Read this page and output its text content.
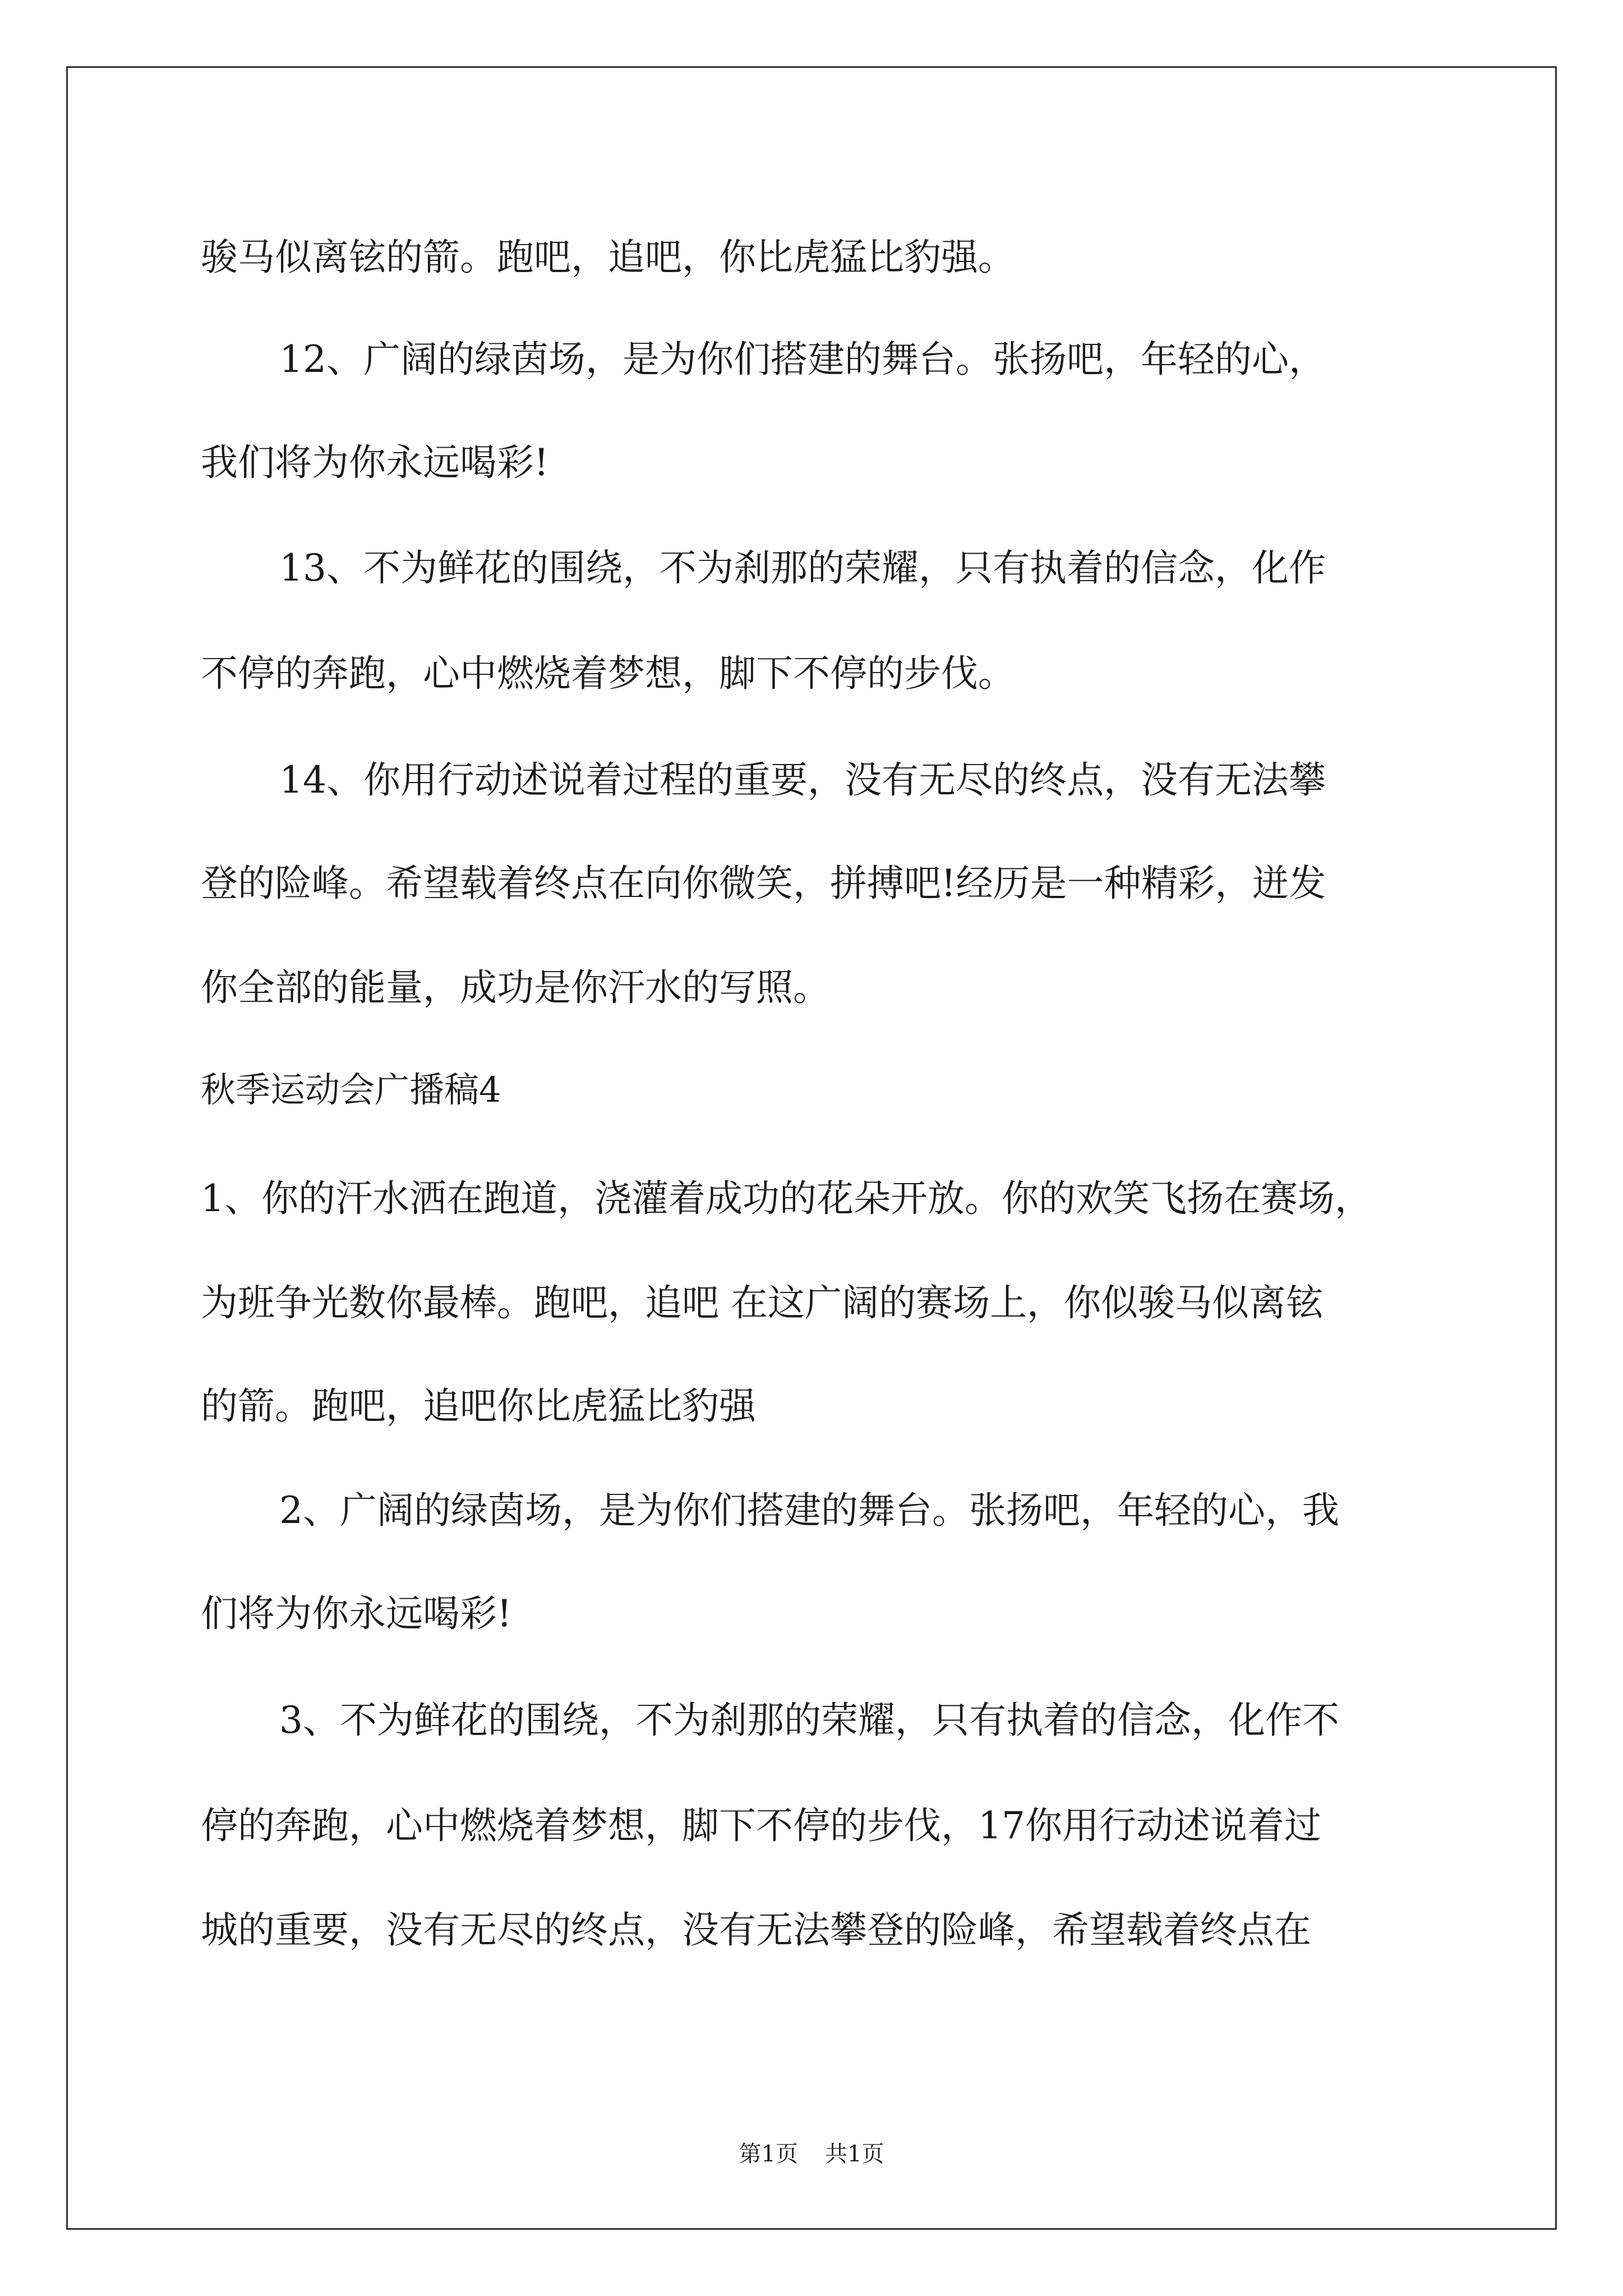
骏马似离铉的箭。跑吧，追吧，你比虎猛比豹强。
12、广阔的绿茵场，是为你们搭建的舞台。张扬吧，年轻的心，
我们将为你永远喝彩!
13、不为鲜花的围绕，不为刹那的荣耀，只有执着的信念，化作
不停的奔跑，心中燃烧着梦想，脚下不停的步伐。
14、你用行动述说着过程的重要，没有无尽的终点，没有无法攀
登的险峰。希望载着终点在向你微笑，拼搏吧!经历是一种精彩，迸发
你全部的能量，成功是你汗水的写照。
秋季运动会广播稿4
1、你的汗水洒在跑道，浇灌着成功的花朵开放。你的欢笑飞扬在赛场，
为班争光数你最棒。跑吧，追吧 在这广阔的赛场上，你似骏马似离铉
的箭。跑吧，追吧你比虎猛比豹强
2、广阔的绿茵场，是为你们搭建的舞台。张扬吧，年轻的心，我
们将为你永远喝彩!
3、不为鲜花的围绕，不为刹那的荣耀，只有执着的信念，化作不
停的奔跑，心中燃烧着梦想，脚下不停的步伐，17你用行动述说着过
城的重要，没有无尽的终点，没有无法攀登的险峰，希望载着终点在
第1页 共1页
